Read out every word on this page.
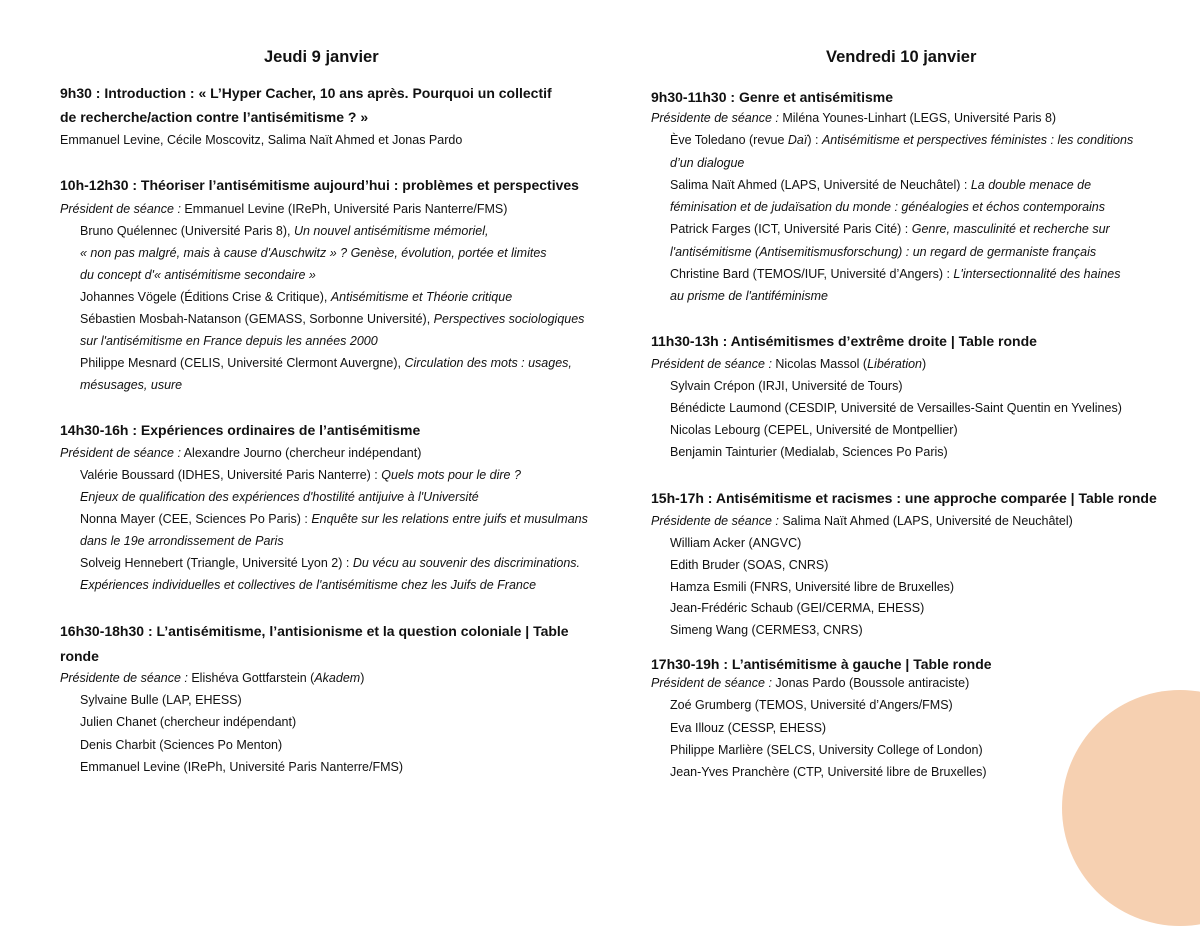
Jeudi 9 janvier

9h30 : Introduction : « L’Hyper Cacher, 10 ans après. Pourquoi un collectif

de recherche/action contre l’antisémitisme ? »

Emmanuel Levine, Cécile Moscovitz, Salima Naït Ahmed et Jonas Pardo

10h-12h30 : Théoriser l’antisémitisme aujourd’hui : problèmes et perspectives

Président de séance : Emmanuel Levine (IRePh, Université Paris Nanterre/FMS)

Bruno Quélennec (Université Paris 8), Un nouvel antisémitisme mémoriel,

« non pas malgré, mais à cause d'Auschwitz » ? Genèse, évolution, portée et limites

du concept d'« antisémitisme secondaire »

Johannes Vögele (Éditions Crise & Critique), Antisémitisme et Théorie critique

Sébastien Mosbah-Natanson (GEMASS, Sorbonne Université), Perspectives sociologiques

sur l'antisémitisme en France depuis les années 2000

Philippe Mesnard (CELIS, Université Clermont Auvergne), Circulation des mots : usages,

mésusages, usure

14h30-16h : Expériences ordinaires de l’antisémitisme

Président de séance : Alexandre Journo (chercheur indépendant)

Valérie Boussard (IDHES, Université Paris Nanterre) : Quels mots pour le dire ?

Enjeux de qualification des expériences d'hostilité antijuive à l'Université

Nonna Mayer (CEE, Sciences Po Paris) : Enquête sur les relations entre juifs et musulmans

dans le 19e arrondissement de Paris

Solveig Hennebert (Triangle, Université Lyon 2) : Du vécu au souvenir des discriminations.

Expériences individuelles et collectives de l'antisémitisme chez les Juifs de France

16h30-18h30 : L’antisémitisme, l’antisionisme et la question coloniale | Table

ronde

Présidente de séance : Elishéva Gottfarstein (Akadem)

Sylvaine Bulle (LAP, EHESS)

Julien Chanet (chercheur indépendant)

Denis Charbit (Sciences Po Menton)

Emmanuel Levine (IRePh, Université Paris Nanterre/FMS)

Vendredi 10 janvier

9h30-11h30 : Genre et antisémitisme

Présidente de séance : Miléna Younes-Linhart (LEGS, Université Paris 8)

Ève Toledano (revue Daï) : Antisémitisme et perspectives féministes : les conditions

d’un dialogue

Salima Naït Ahmed (LAPS, Université de Neuchâtel) : La double menace de

féminisation et de judaïsation du monde : généalogies et échos contemporains

Patrick Farges (ICT, Université Paris Cité) : Genre, masculinité et recherche sur

l'antisémitisme (Antisemitismusforschung) : un regard de germaniste français

Christine Bard (TEMOS/IUF, Université d’Angers) : L'intersectionnalité des haines

au prisme de l'antiféminisme

11h30-13h : Antisémitismes d’extrême droite | Table ronde

Président de séance : Nicolas Massol (Libération)

Sylvain Crépon (IRJI, Université de Tours)

Bénédicte Laumond (CESDIP, Université de Versailles-Saint Quentin en Yvelines)

Nicolas Lebourg (CEPEL, Université de Montpellier)

Benjamin Tainturier (Medialab, Sciences Po Paris)

15h-17h : Antisémitisme et racismes : une approche comparée | Table ronde

Présidente de séance : Salima Naït Ahmed (LAPS, Université de Neuchâtel)

William Acker (ANGVC)

Edith Bruder (SOAS, CNRS)

Hamza Esmili (FNRS, Université libre de Bruxelles)

Jean-Frédéric Schaub (GEI/CERMA, EHESS)

Simeng Wang (CERMES3, CNRS)

17h30-19h : L’antisémitisme à gauche | Table ronde

Président de séance : Jonas Pardo (Boussole antiraciste)

Zoé Grumberg (TEMOS, Université d’Angers/FMS)

Eva Illouz (CESSP, EHESS)

Philippe Marlière (SELCS, University College of London)

Jean-Yves Pranchère (CTP, Université libre de Bruxelles)
